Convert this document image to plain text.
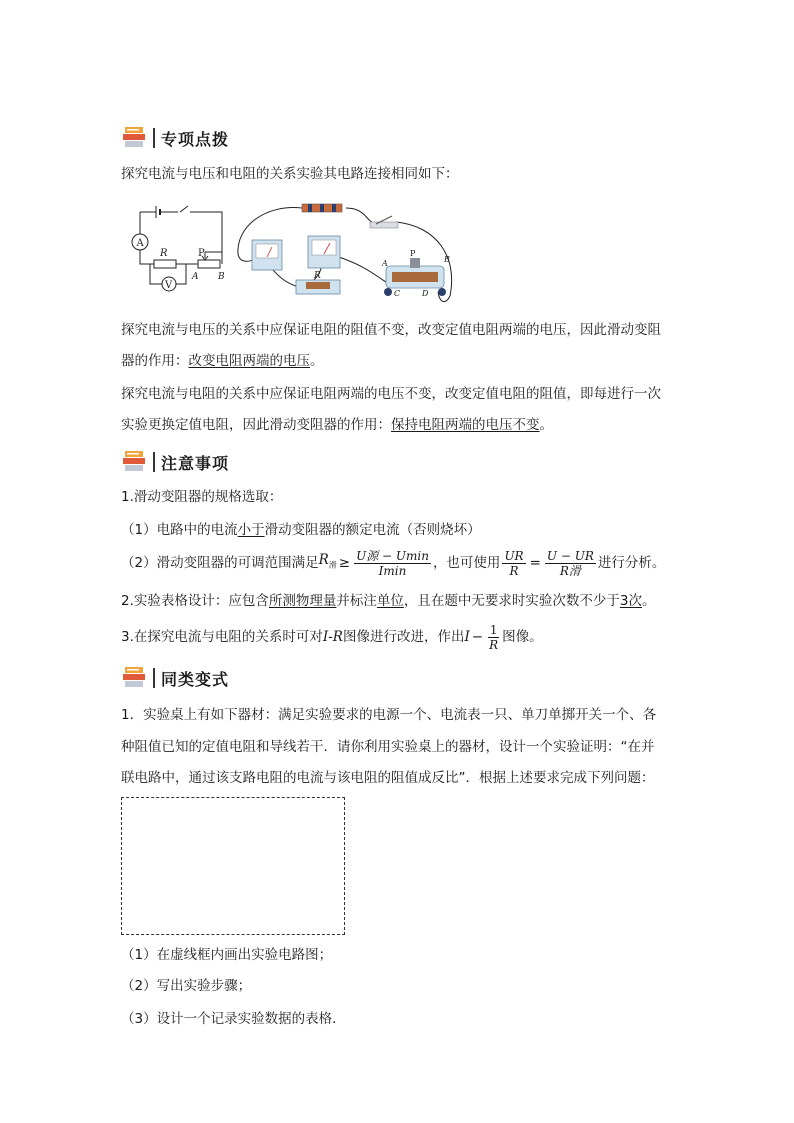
专项点拨
探究电流与电压和电阻的关系实验其电路连接相同如下：
A
V
R	P
A B	R
P
A	B
C	D
探究电流与电压的关系中应保证电阻的阻值不变，改变定值电阻两端的电压，因此滑动变阻
器的作用：改变电阻两端的电压。
探究电流与电阻的关系中应保证电阻两端的电压不变，改变定值电阻的阻值，即每进行一次
实验更换定值电阻，因此滑动变阻器的作用：保持电阻两端的电压不变。
注意事项
1.滑动变阻器的规格选取：
（1）电路中的电流小于滑动变阻器的额定电流（否则烧坏）
（2）滑动变阻器的可调范围满足 $R_滑 \ge \frac{\text{U源 − Umin}}{Imin}$ ，也可使用 $\frac{UR}{R} = \frac{U - UR}{\text{R滑}}$ 进行分析。
2.实验表格设计：应包含所测物理量并标注单位，且在题中无要求时实验次数不少于3次。
3.在探究电流与电阻的关系时可对 I-R 图像进行改进，作出 $I - \frac{1}{R}$ 图像。
同类变式
1．实验桌上有如下器材：满足实验要求的电源一个、电流表一只、单刀单掷开关一个、各
种阻值已知的定值电阻和导线若干．请你利用实验桌上的器材，设计一个实验证明：“在并
联电路中，通过该支路电阻的电流与该电阻的阻值成反比”．根据上述要求完成下列问题：
（1）在虚线框内画出实验电路图；
（2）写出实验步骤；
（3）设计一个记录实验数据的表格．
